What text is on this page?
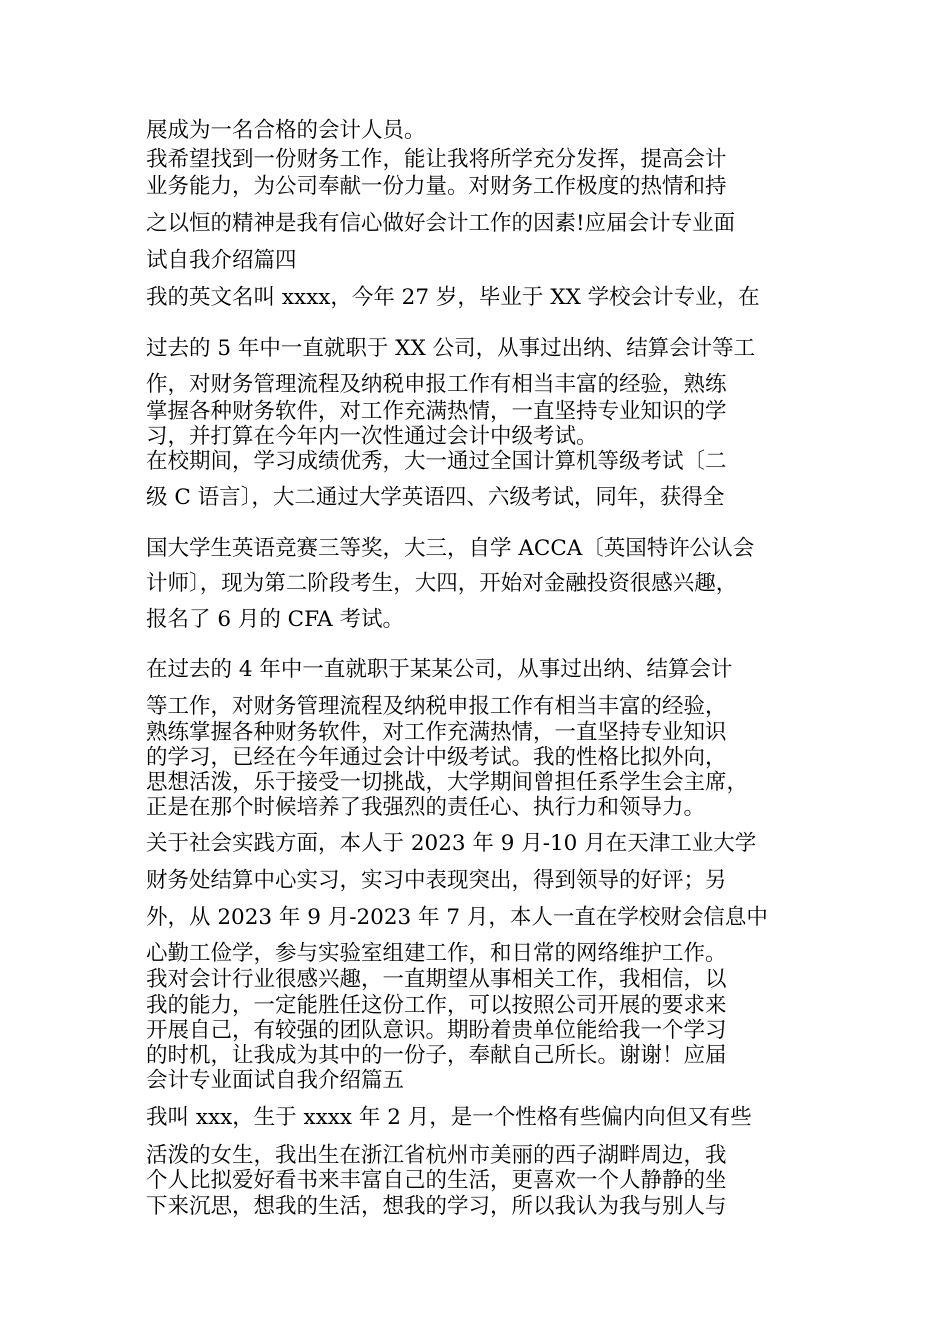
展成为一名合格的会计人员。

我希望找到一份财务工作，能让我将所学充分发挥，提高会计

业务能力，为公司奉献一份力量。对财务工作极度的热情和持

之以恒的精神是我有信心做好会计工作的因素!应届会计专业面

试自我介绍篇四

我的英文名叫 xxxx，今年 27 岁，毕业于 XX 学校会计专业，在

过去的 5 年中一直就职于 XX 公司，从事过出纳、结算会计等工

作，对财务管理流程及纳税申报工作有相当丰富的经验，熟练

掌握各种财务软件，对工作充满热情，一直坚持专业知识的学

习，并打算在今年内一次性通过会计中级考试。

在校期间，学习成绩优秀，大一通过全国计算机等级考试〔二

级 C 语言〕，大二通过大学英语四、六级考试，同年，获得全

国大学生英语竞赛三等奖，大三，自学 ACCA〔英国特许公认会

计师〕，现为第二阶段考生，大四，开始对金融投资很感兴趣，

报名了 6 月的 CFA 考试。

在过去的 4 年中一直就职于某某公司，从事过出纳、结算会计

等工作，对财务管理流程及纳税申报工作有相当丰富的经验，

熟练掌握各种财务软件，对工作充满热情，一直坚持专业知识

的学习，已经在今年通过会计中级考试。我的性格比拟外向，

思想活泼，乐于接受一切挑战，大学期间曾担任系学生会主席，

正是在那个时候培养了我强烈的责任心、执行力和领导力。

关于社会实践方面，本人于 2023 年 9 月-10 月在天津工业大学

财务处结算中心实习，实习中表现突出，得到领导的好评；另

外，从 2023 年 9 月-2023 年 7 月，本人一直在学校财会信息中

心勤工俭学，参与实验室组建工作，和日常的网络维护工作。

我对会计行业很感兴趣，一直期望从事相关工作，我相信，以

我的能力，一定能胜任这份工作，可以按照公司开展的要求来

开展自己，有较强的团队意识。期盼着贵单位能给我一个学习

的时机，让我成为其中的一份子，奉献自己所长。谢谢！应届

会计专业面试自我介绍篇五

我叫 xxx，生于 xxxx 年 2 月，是一个性格有些偏内向但又有些

活泼的女生，我出生在浙江省杭州市美丽的西子湖畔周边，我

个人比拟爱好看书来丰富自己的生活，更喜欢一个人静静的坐

下来沉思，想我的生活，想我的学习，所以我认为我与别人与
